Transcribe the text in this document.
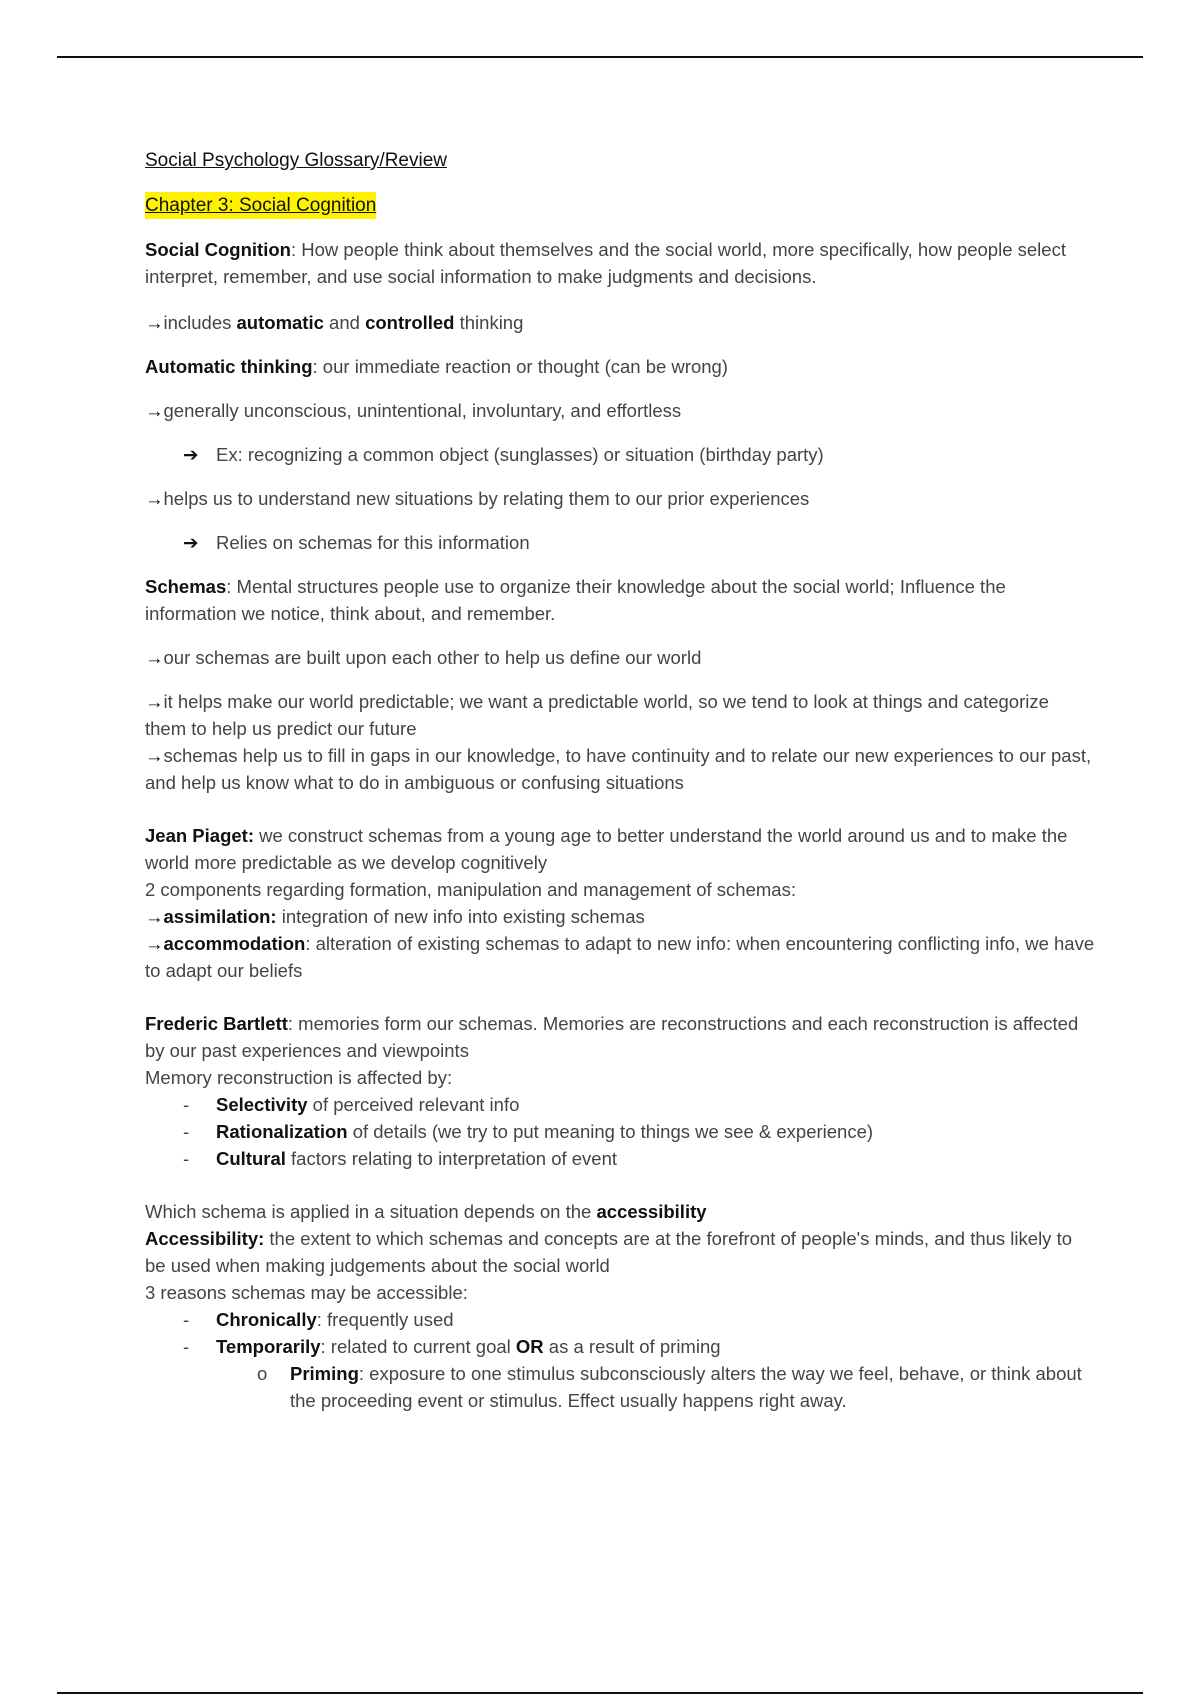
Social Psychology Glossary/Review

Chapter 3: Social Cognition

Social Cognition: How people think about themselves and the social world, more specifically, how people select interpret, remember, and use social information to make judgments and decisions.

→includes automatic and controlled thinking

Automatic thinking: our immediate reaction or thought (can be wrong)

→generally unconscious, unintentional, involuntary, and effortless

➔ Ex: recognizing a common object (sunglasses) or situation (birthday party)

→helps us to understand new situations by relating them to our prior experiences

➔ Relies on schemas for this information

Schemas: Mental structures people use to organize their knowledge about the social world; Influence the information we notice, think about, and remember.

→our schemas are built upon each other to help us define our world

→it helps make our world predictable; we want a predictable world, so we tend to look at things and categorize them to help us predict our future

→schemas help us to fill in gaps in our knowledge, to have continuity and to relate our new experiences to our past, and help us know what to do in ambiguous or confusing situations

Jean Piaget: we construct schemas from a young age to better understand the world around us and to make the world more predictable as we develop cognitively

2 components regarding formation, manipulation and management of schemas:

→assimilation: integration of new info into existing schemas

→accommodation: alteration of existing schemas to adapt to new info: when encountering conflicting info, we have to adapt our beliefs

Frederic Bartlett: memories form our schemas. Memories are reconstructions and each reconstruction is affected by our past experiences and viewpoints

Memory reconstruction is affected by:

- Selectivity of perceived relevant info
- Rationalization of details (we try to put meaning to things we see & experience)
- Cultural factors relating to interpretation of event

Which schema is applied in a situation depends on the accessibility

Accessibility: the extent to which schemas and concepts are at the forefront of people's minds, and thus likely to be used when making judgements about the social world

3 reasons schemas may be accessible:

- Chronically: frequently used
- Temporarily: related to current goal OR as a result of priming

o Priming: exposure to one stimulus subconsciously alters the way we feel, behave, or think about the proceeding event or stimulus. Effect usually happens right away.
